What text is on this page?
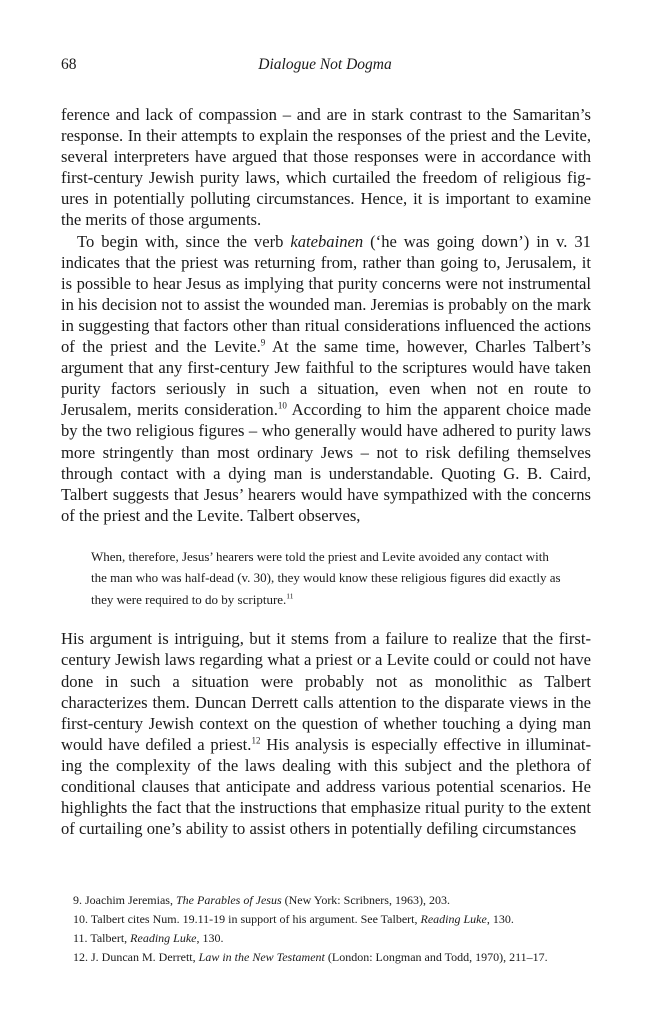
68	Dialogue Not Dogma

ference and lack of compassion – and are in stark contrast to the Samaritan’s response. In their attempts to explain the responses of the priest and the Levite, several interpreters have argued that those responses were in accordance with first-century Jewish purity laws, which curtailed the freedom of religious fig-ures in potentially polluting circumstances. Hence, it is important to examine the merits of those arguments.

To begin with, since the verb katebainen (‘he was going down’) in v. 31 indicates that the priest was returning from, rather than going to, Jerusalem, it is possible to hear Jesus as implying that purity concerns were not instrumental in his decision not to assist the wounded man. Jeremias is probably on the mark in suggesting that factors other than ritual considerations influenced the actions of the priest and the Levite.$^9$ At the same time, however, Charles Talbert’s argument that any first-century Jew faithful to the scriptures would have taken purity factors seriously in such a situation, even when not en route to Jerusalem, merits consideration.$^{10}$ According to him the apparent choice made by the two religious figures – who generally would have adhered to purity laws more stringently than most ordinary Jews – not to risk defiling themselves through contact with a dying man is understandable. Quoting G. B. Caird, Talbert suggests that Jesus’ hearers would have sympathized with the concerns of the priest and the Levite. Talbert observes,

When, therefore, Jesus’ hearers were told the priest and Levite avoided any contact with the man who was half-dead (v. 30), they would know these religious figures did exactly as they were required to do by scripture.$^{11}$

His argument is intriguing, but it stems from a failure to realize that the first-century Jewish laws regarding what a priest or a Levite could or could not have done in such a situation were probably not as monolithic as Talbert characterizes them. Duncan Derrett calls attention to the disparate views in the first-century Jewish context on the question of whether touching a dying man would have defiled a priest.$^{12}$ His analysis is especially effective in illuminat-ing the complexity of the laws dealing with this subject and the plethora of conditional clauses that anticipate and address various potential scenarios. He highlights the fact that the instructions that emphasize ritual purity to the extent of curtailing one’s ability to assist others in potentially defiling circumstances

9. Joachim Jeremias, The Parables of Jesus (New York: Scribners, 1963), 203.
10. Talbert cites Num. 19.11-19 in support of his argument. See Talbert, Reading Luke, 130.
11. Talbert, Reading Luke, 130.
12. J. Duncan M. Derrett, Law in the New Testament (London: Longman and Todd, 1970), 211–17.
